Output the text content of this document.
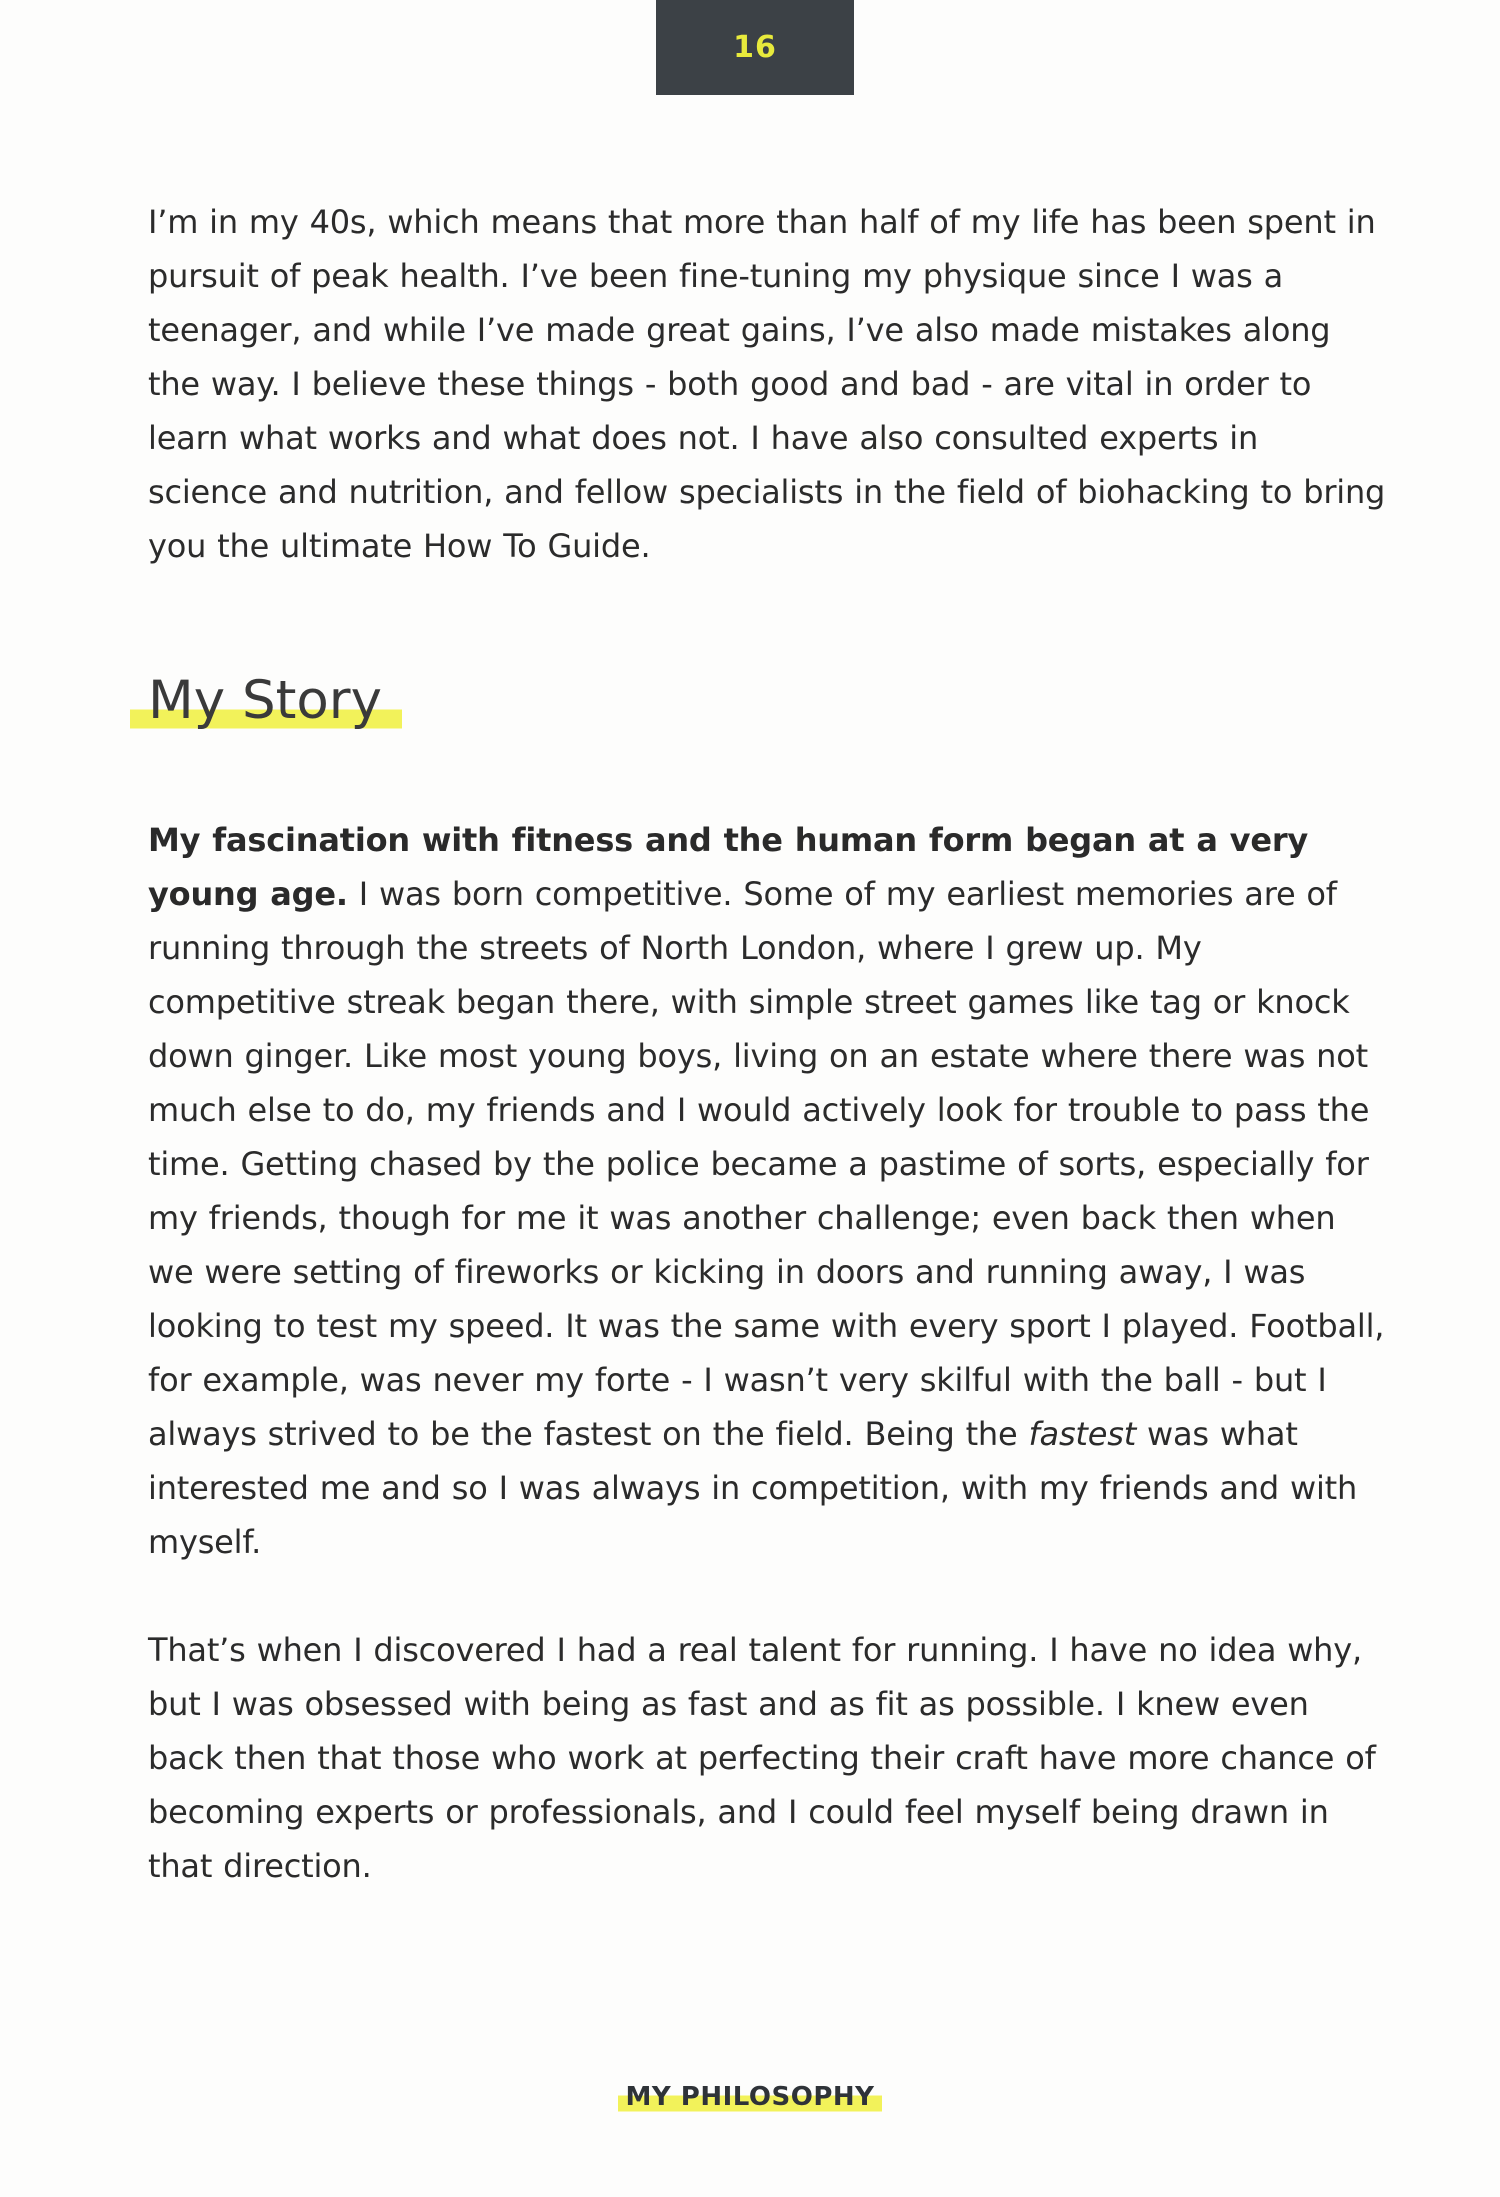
16

I’m in my 40s, which means that more than half of my life has been spent in pursuit of peak health. I’ve been fine-tuning my physique since I was a teenager, and while I’ve made great gains, I’ve also made mistakes along the way. I believe these things - both good and bad - are vital in order to learn what works and what does not. I have also consulted experts in science and nutrition, and fellow specialists in the field of biohacking to bring you the ultimate How To Guide.

My Story

My fascination with fitness and the human form began at a very young age. I was born competitive. Some of my earliest memories are of running through the streets of North London, where I grew up. My competitive streak began there, with simple street games like tag or knock down ginger. Like most young boys, living on an estate where there was not much else to do, my friends and I would actively look for trouble to pass the time. Getting chased by the police became a pastime of sorts, especially for my friends, though for me it was another challenge; even back then when we were setting of fireworks or kicking in doors and running away, I was looking to test my speed. It was the same with every sport I played. Football, for example, was never my forte - I wasn’t very skilful with the ball - but I always strived to be the fastest on the field. Being the fastest was what interested me and so I was always in competition, with my friends and with myself.

That’s when I discovered I had a real talent for running. I have no idea why, but I was obsessed with being as fast and as fit as possible. I knew even back then that those who work at perfecting their craft have more chance of becoming experts or professionals, and I could feel myself being drawn in that direction.

MY PHILOSOPHY
